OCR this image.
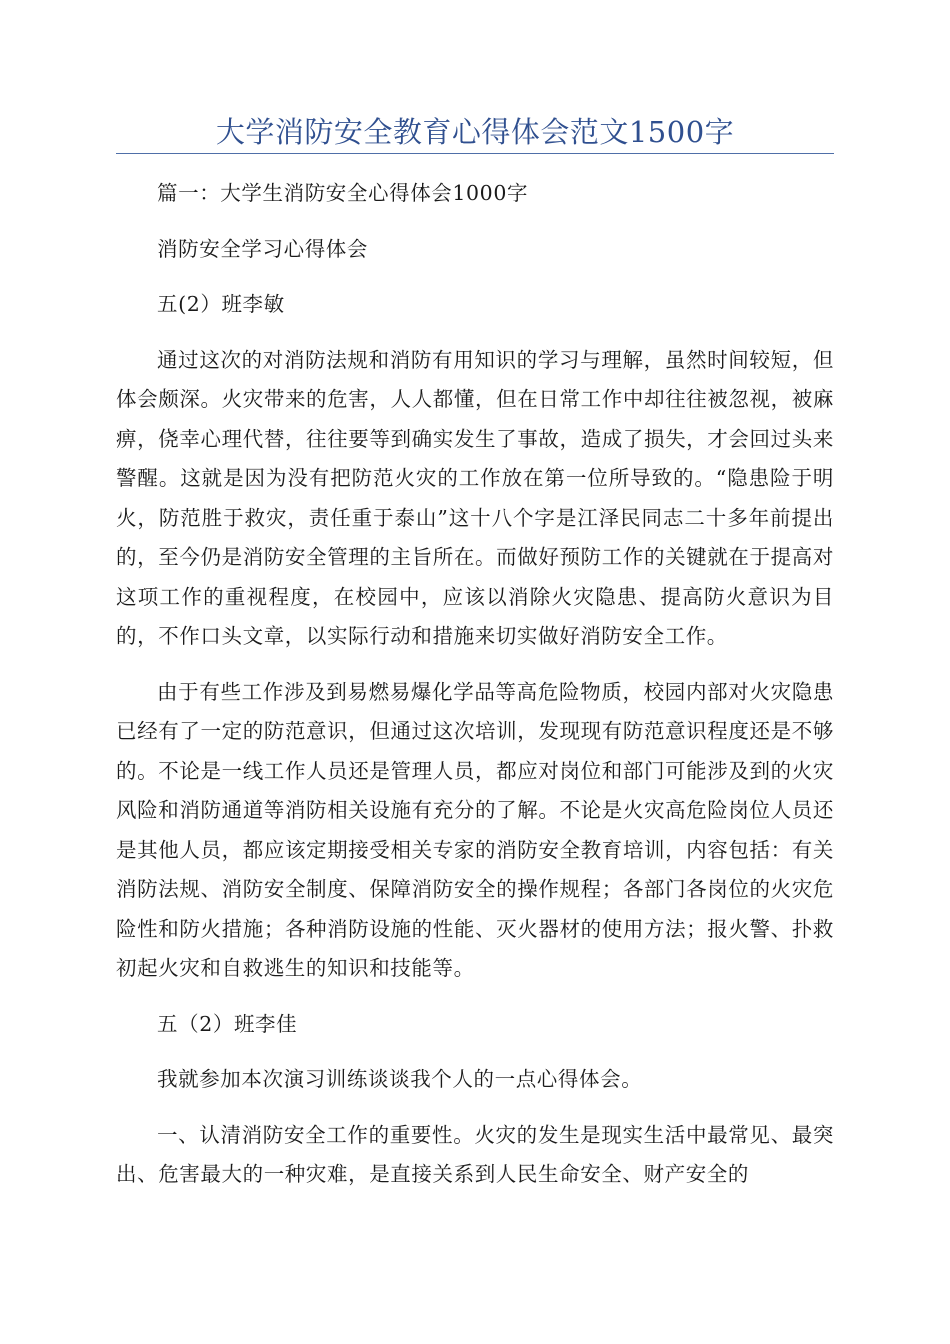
大学消防安全教育心得体会范文1500字

篇一：大学生消防安全心得体会1000字

消防安全学习心得体会

五(2）班李敏

通过这次的对消防法规和消防有用知识的学习与理解，虽然时间较短，但体会颇深。火灾带来的危害，人人都懂，但在日常工作中却往往被忽视，被麻痹，侥幸心理代替，往往要等到确实发生了事故，造成了损失，才会回过头来警醒。这就是因为没有把防范火灾的工作放在第一位所导致的。“隐患险于明火，防范胜于救灾，责任重于泰山”这十八个字是江泽民同志二十多年前提出的，至今仍是消防安全管理的主旨所在。而做好预防工作的关键就在于提高对这项工作的重视程度，在校园中，应该以消除火灾隐患、提高防火意识为目的，不作口头文章，以实际行动和措施来切实做好消防安全工作。

由于有些工作涉及到易燃易爆化学品等高危险物质，校园内部对火灾隐患已经有了一定的防范意识，但通过这次培训，发现现有防范意识程度还是不够的。不论是一线工作人员还是管理人员，都应对岗位和部门可能涉及到的火灾风险和消防通道等消防相关设施有充分的了解。不论是火灾高危险岗位人员还是其他人员，都应该定期接受相关专家的消防安全教育培训，内容包括：有关消防法规、消防安全制度、保障消防安全的操作规程；各部门各岗位的火灾危险性和防火措施；各种消防设施的性能、灭火器材的使用方法；报火警、扑救初起火灾和自救逃生的知识和技能等。

五（2）班李佳

我就参加本次演习训练谈谈我个人的一点心得体会。

一、认清消防安全工作的重要性。火灾的发生是现实生活中最常见、最突出、危害最大的一种灾难，是直接关系到人民生命安全、财产安全的
